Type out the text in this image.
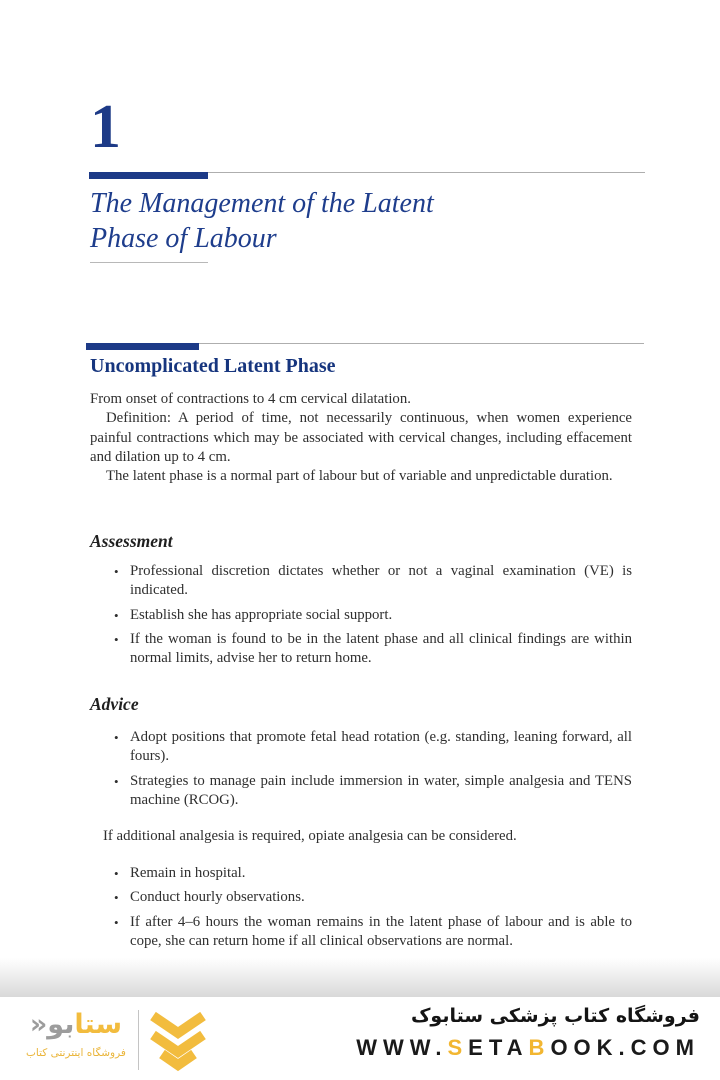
1
The Management of the Latent
Phase of Labour
Uncomplicated Latent Phase

From onset of contractions to 4 cm cervical dilatation.

Definition: A period of time, not necessarily continuous, when women experience painful contractions which may be associated with cervical changes, including effacement and dilation up to 4 cm.

The latent phase is a normal part of labour but of variable and unpredictable duration.

Assessment
• Professional discretion dictates whether or not a vaginal examination (VE) is indicated.
• Establish she has appropriate social support.
• If the woman is found to be in the latent phase and all clinical findings are within normal limits, advise her to return home.
Advice
• Adopt positions that promote fetal head rotation (e.g. standing, leaning forward, all fours).
• Strategies to manage pain include immersion in water, simple analgesia and TENS machine (RCOG).
If additional analgesia is required, opiate analgesia can be considered.
• Remain in hospital.
• Conduct hourly observations.
• If after 4–6 hours the woman remains in the latent phase of labour and is able to cope, she can return home if all clinical observations are normal.
ستابو«
فروشگاه اینترنتی کتاب
فروشگاه کتاب پزشکی ستابوک
WWW.SETABOOK.COM
